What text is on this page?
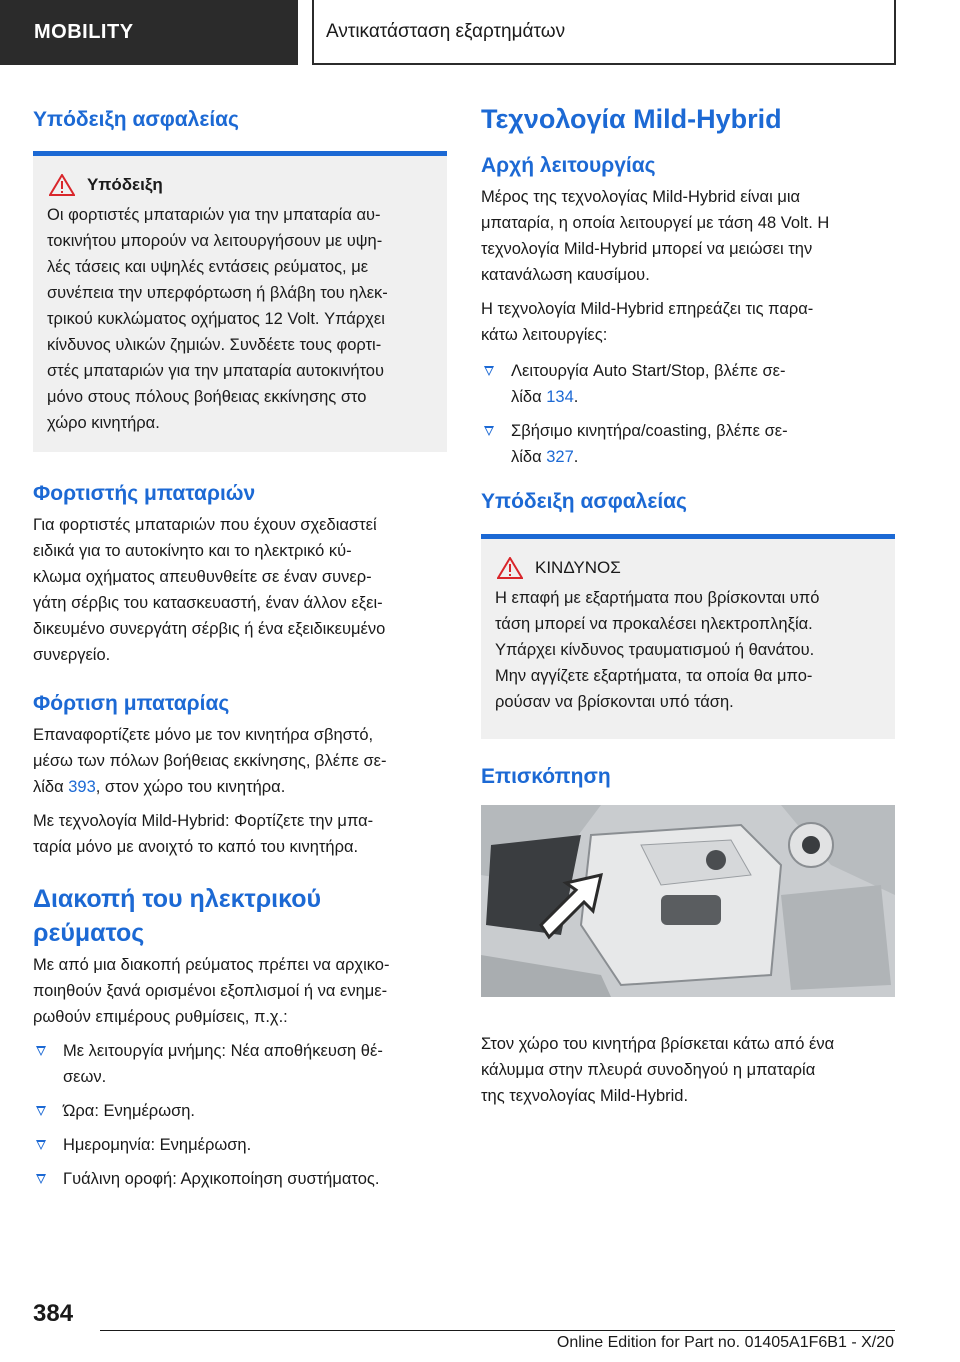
MOBILITY	Αντικατάσταση εξαρτημάτων
Υπόδειξη ασφαλείας
Υπόδειξη
Οι φορτιστές μπαταριών για την μπαταρία αυ-
τοκινήτου μπορούν να λειτουργήσουν με υψη-
λές τάσεις και υψηλές εντάσεις ρεύματος, με
συνέπεια την υπερφόρτωση ή βλάβη του ηλεκ-
τρικού κυκλώματος οχήματος 12 Volt. Υπάρχει
κίνδυνος υλικών ζημιών. Συνδέετε τους φορτι-
στές μπαταριών για την μπαταρία αυτοκινήτου
μόνο στους πόλους βοήθειας εκκίνησης στο
χώρο κινητήρα.
Φορτιστής μπαταριών
Για φορτιστές μπαταριών που έχουν σχεδιαστεί
ειδικά για το αυτοκίνητο και το ηλεκτρικό κύ-
κλωμα οχήματος απευθυνθείτε σε έναν συνερ-
γάτη σέρβις του κατασκευαστή, έναν άλλον εξει-
δικευμένο συνεργάτη σέρβις ή ένα εξειδικευμένο
συνεργείο.
Φόρτιση μπαταρίας
Επαναφορτίζετε μόνο με τον κινητήρα σβηστό,
μέσω των πόλων βοήθειας εκκίνησης, βλέπε σε-
λίδα 393, στον χώρο του κινητήρα.
Με τεχνολογία Mild-Hybrid: Φορτίζετε την μπα-
ταρία μόνο με ανοιχτό το καπό του κινητήρα.
Διακοπή του ηλεκτρικού
ρεύματος
Με από μια διακοπή ρεύματος πρέπει να αρχικο-
ποιηθούν ξανά ορισμένοι εξοπλισμοί ή να ενημε-
ρωθούν επιμέρους ρυθμίσεις, π.χ.:
Με λειτουργία μνήμης: Νέα αποθήκευση θέ-
σεων.
Ώρα: Ενημέρωση.
Ημερομηνία: Ενημέρωση.
Γυάλινη οροφή: Αρχικοποίηση συστήματος.
Τεχνολογία Mild-Hybrid
Αρχή λειτουργίας
Μέρος της τεχνολογίας Mild-Hybrid είναι μια
μπαταρία, η οποία λειτουργεί με τάση 48 Volt. Η
τεχνολογία Mild-Hybrid μπορεί να μειώσει την
κατανάλωση καυσίμου.
Η τεχνολογία Mild-Hybrid επηρεάζει τις παρα-
κάτω λειτουργίες:
Λειτουργία Auto Start/Stop, βλέπε σε-
λίδα 134.
Σβήσιμο κινητήρα/coasting, βλέπε σε-
λίδα 327.
Υπόδειξη ασφαλείας
ΚΙΝΔΥΝΟΣ
Η επαφή με εξαρτήματα που βρίσκονται υπό
τάση μπορεί να προκαλέσει ηλεκτροπληξία.
Υπάρχει κίνδυνος τραυματισμού ή θανάτου.
Μην αγγίζετε εξαρτήματα, τα οποία θα μπο-
ρούσαν να βρίσκονται υπό τάση.
Επισκόπηση
Στον χώρο του κινητήρα βρίσκεται κάτω από ένα
κάλυμμα στην πλευρά συνοδηγού η μπαταρία
της τεχνολογίας Mild-Hybrid.
384
Online Edition for Part no. 01405A1F6B1 - X/20
